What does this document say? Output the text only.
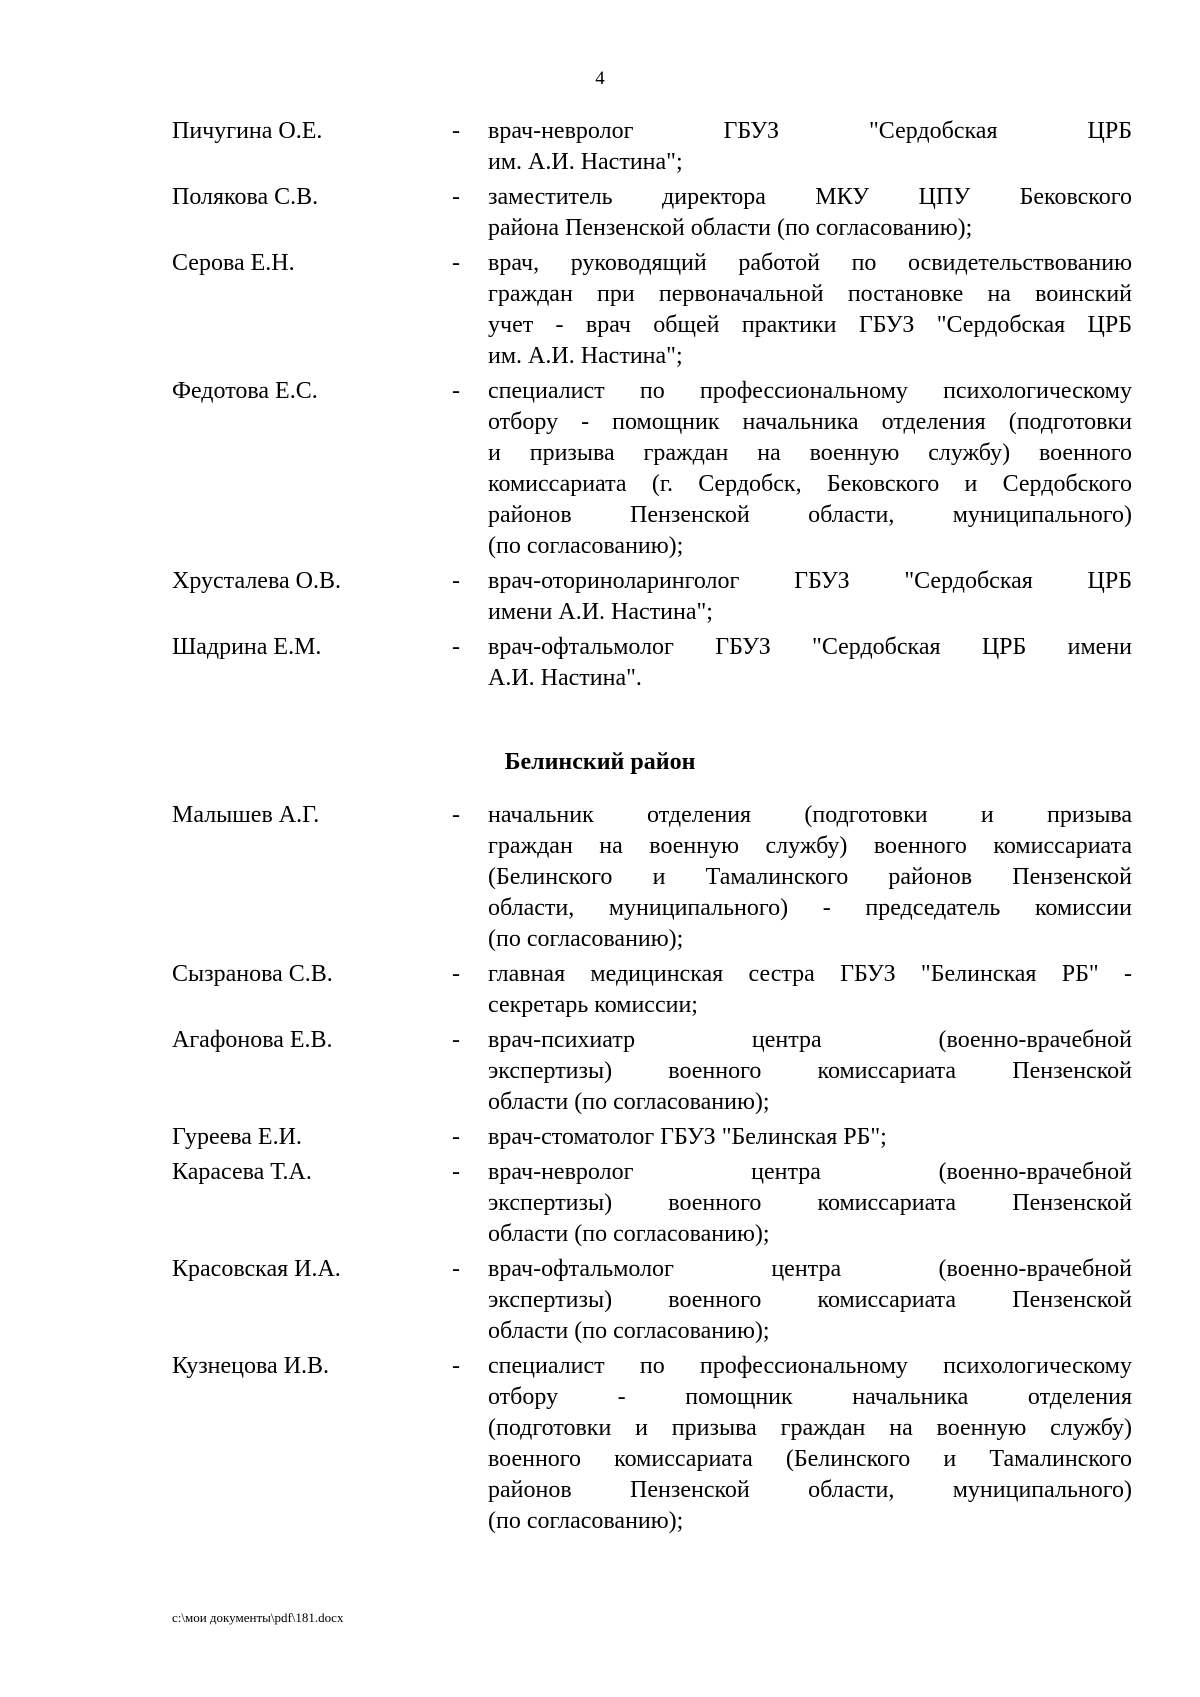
4
Пичугина О.Е.	- врач-невролог ГБУЗ "Сердобская ЦРБ
им. А.И. Настина";
Полякова С.В.	- заместитель директора МКУ ЦПУ Бековского
района Пензенской области (по согласованию);
Серова Е.Н.	- врач, руководящий работой по освидетельствованию
граждан при первоначальной постановке на воинский
учет - врач общей практики ГБУЗ "Сердобская ЦРБ
им. А.И. Настина";
Федотова Е.С.	- специалист по профессиональному психологическому
отбору - помощник начальника отделения (подготовки
и призыва граждан на военную службу) военного
комиссариата (г. Сердобск, Бековского и Сердобского
районов Пензенской области, муниципального)
(по согласованию);
Хрусталева О.В.	- врач-оториноларинголог ГБУЗ "Сердобская ЦРБ
имени А.И. Настина";
Шадрина Е.М.	- врач-офтальмолог ГБУЗ "Сердобская ЦРБ имени
А.И. Настина".
Белинский район
Малышев А.Г.	- начальник отделения (подготовки и призыва
граждан на военную службу) военного комиссариата
(Белинского и Тамалинского районов Пензенской
области, муниципального) - председатель комиссии
(по согласованию);
Сызранова С.В.	- главная медицинская сестра ГБУЗ "Белинская РБ" -
секретарь комиссии;
Агафонова Е.В.	- врач-психиатр центра (военно-врачебной
экспертизы) военного комиссариата Пензенской
области (по согласованию);
Гуреева Е.И.	- врач-стоматолог ГБУЗ "Белинская РБ";
Карасева Т.А.	- врач-невролог центра (военно-врачебной
экспертизы) военного комиссариата Пензенской
области (по согласованию);
Красовская И.А.	- врач-офтальмолог центра (военно-врачебной
экспертизы) военного комиссариата Пензенской
области (по согласованию);
Кузнецова И.В.	- специалист по профессиональному психологическому
отбору - помощник начальника отделения
(подготовки и призыва граждан на военную службу)
военного комиссариата (Белинского и Тамалинского
районов Пензенской области, муниципального)
(по согласованию);
c:\мои документы\pdf\181.docx
